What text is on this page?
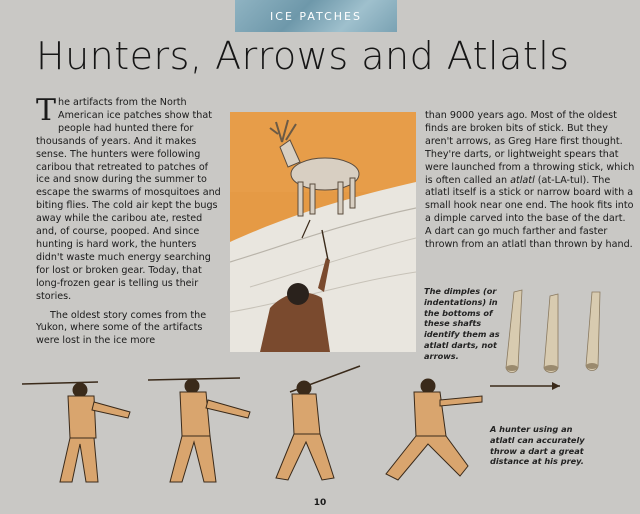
ICE PATCHES
Hunters, Arrows and Atlatls

The artifacts from the North American ice patches show that people had hunted there for thousands of years. And it makes sense. The hunters were following caribou that retreated to patches of ice and snow during the summer to escape the swarms of mosquitoes and biting flies. The cold air kept the bugs away while the caribou ate, rested and, of course, pooped. And since hunting is hard work, the hunters didn't waste much energy searching for lost or broken gear. Today, that long-frozen gear is telling us their stories.

The oldest story comes from the Yukon, where some of the artifacts were lost in the ice more

than 9000 years ago. Most of the oldest finds are broken bits of stick. But they aren't arrows, as Greg Hare first thought. They're darts, or lightweight spears that were launched from a throwing stick, which is often called an atlatl (at-LA-tul). The atlatl itself is a stick or narrow board with a small hook near one end. The hook fits into a dimple carved into the base of the dart. A dart can go much farther and faster thrown from an atlatl than thrown by hand.

The dimples (or indentations) in the bottoms of these shafts identify them as atlatl darts, not arrows.
A hunter using an atlatl can accurately throw a dart a great distance at his prey.
10
